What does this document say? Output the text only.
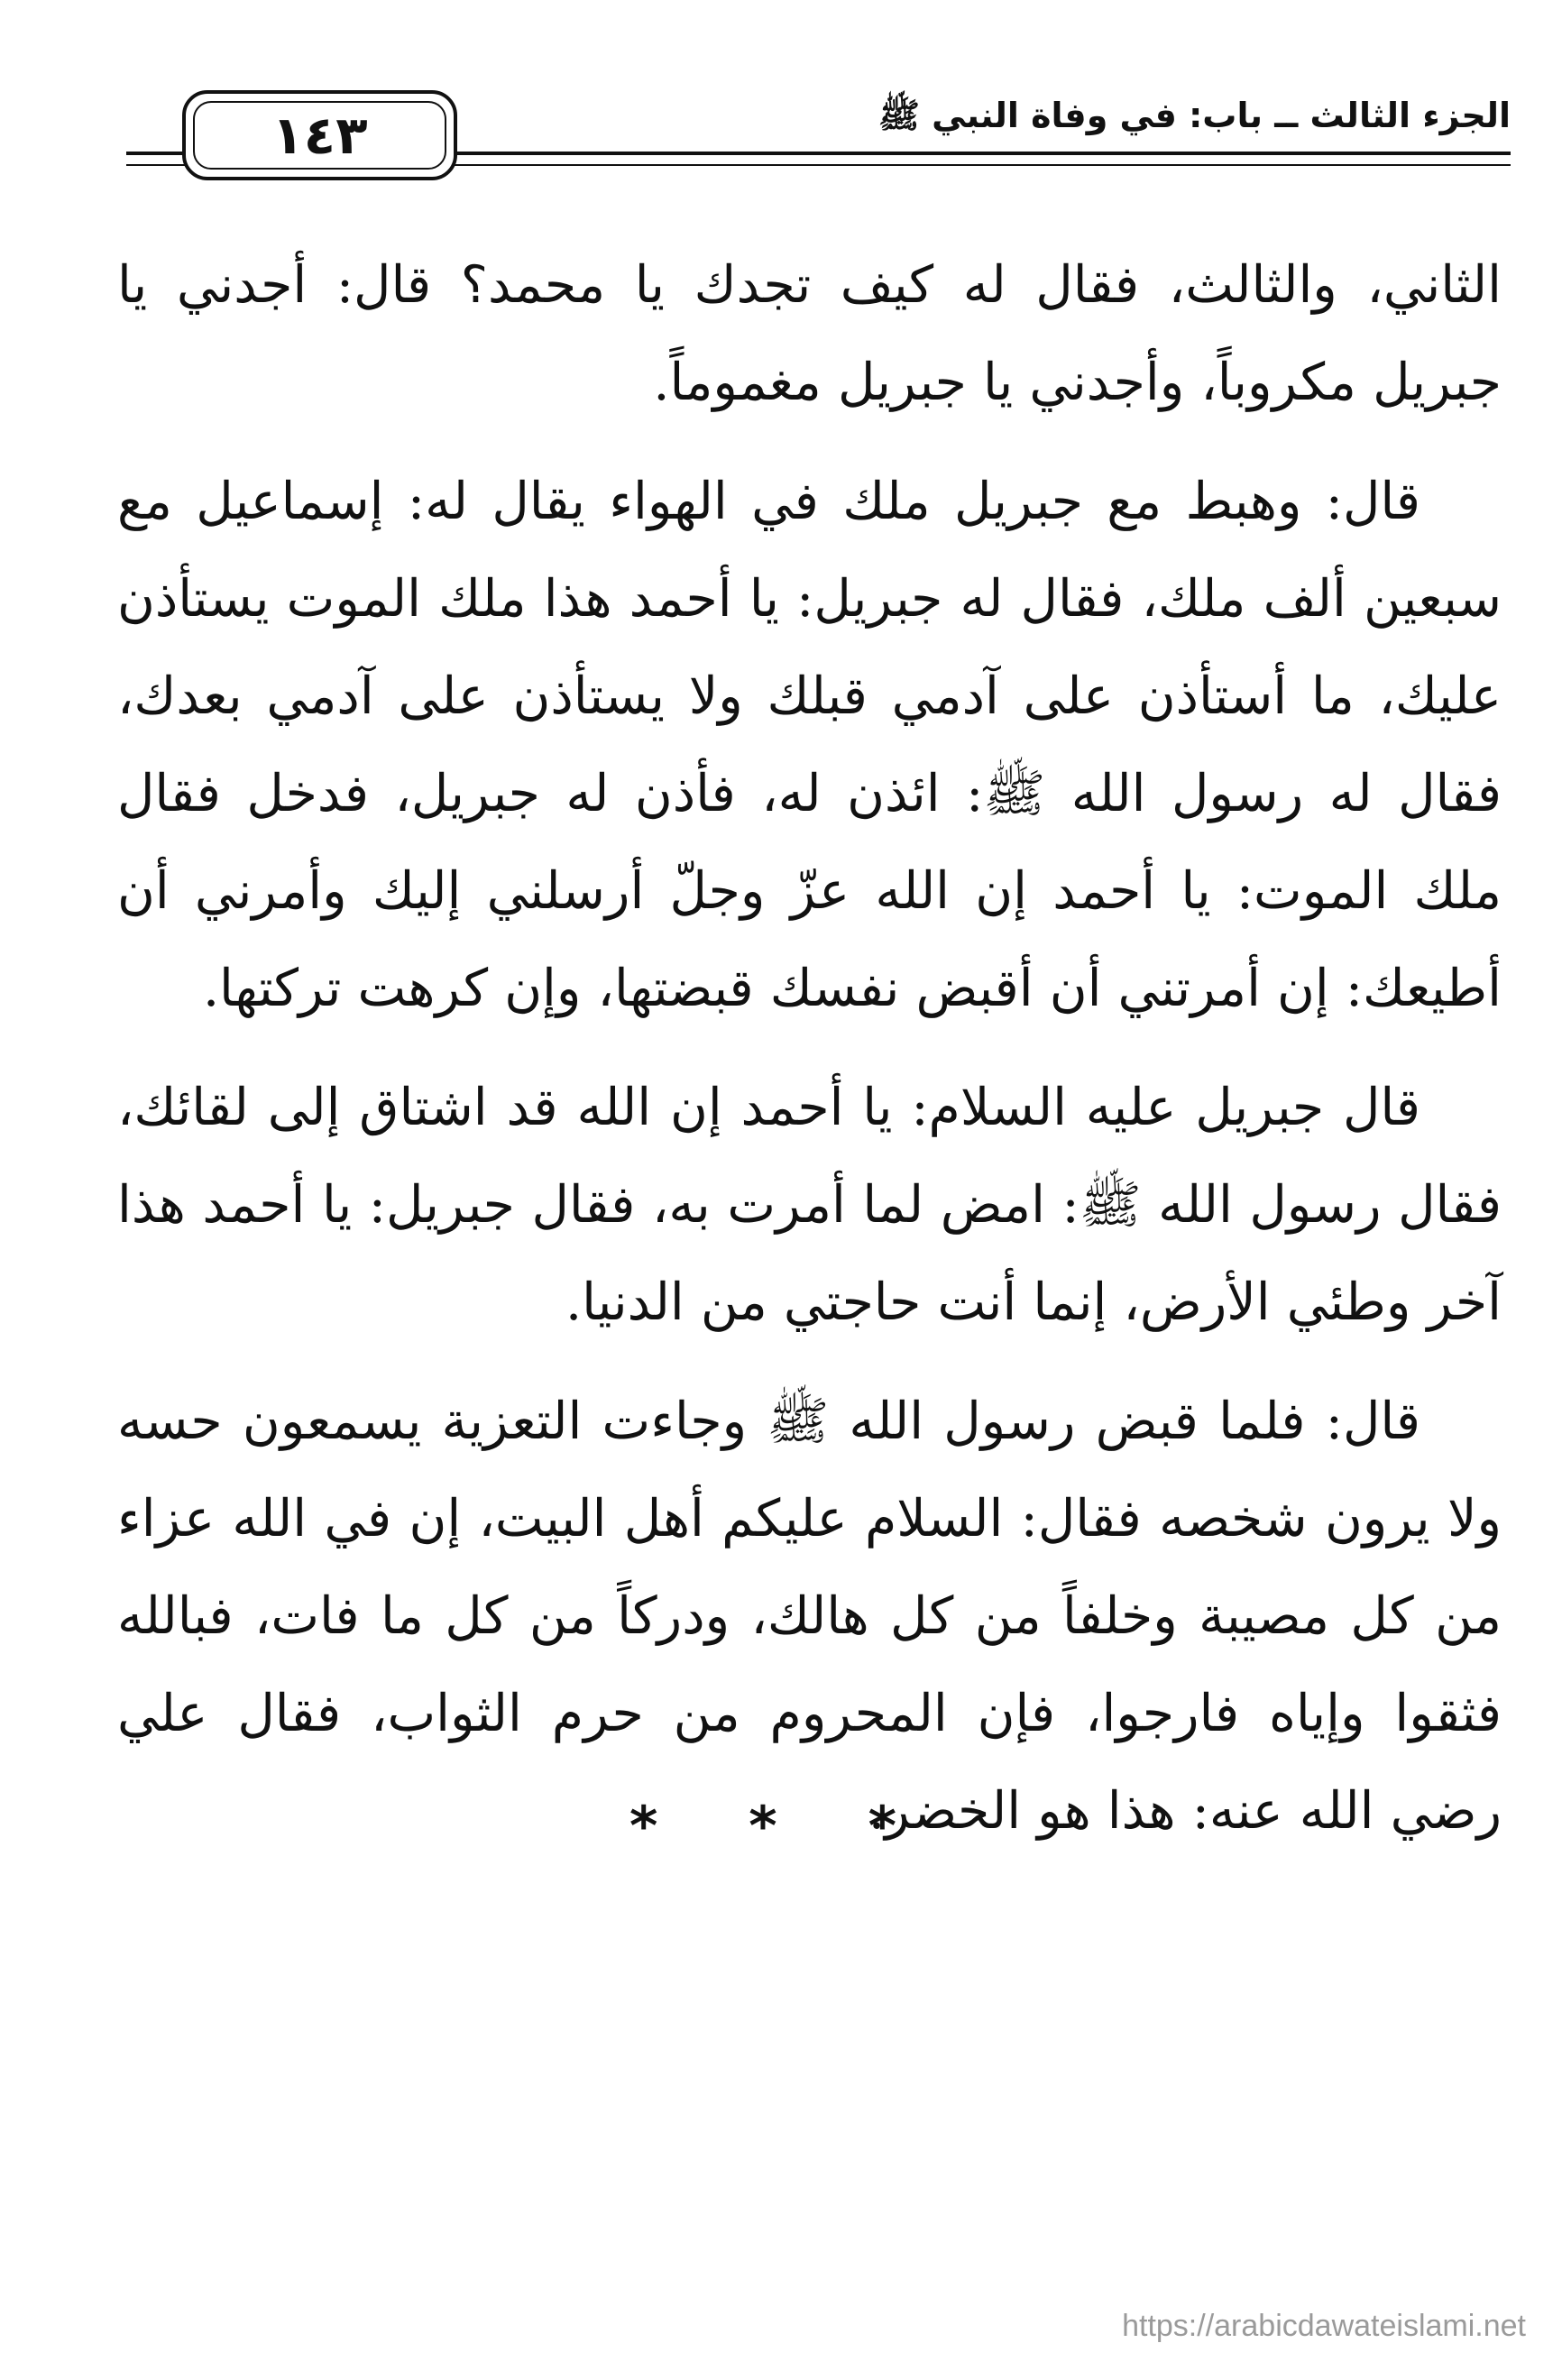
١٤٣	الجزء الثالث ــ باب: في وفاة النبي ﷺ

الثاني، والثالث، فقال له كيف تجدك يا محمد؟ قال: أجدني يا جبريل مكروباً، وأجدني يا جبريل مغموماً.

قال: وهبط مع جبريل ملك في الهواء يقال له: إسماعيل مع سبعين ألف ملك، فقال له جبريل: يا أحمد هذا ملك الموت يستأذن عليك، ما أستأذن على آدمي قبلك ولا يستأذن على آدمي بعدك، فقال له رسول الله ﷺ: ائذن له، فأذن له جبريل، فدخل فقال ملك الموت: يا أحمد إن الله عزّ وجلّ أرسلني إليك وأمرني أن أطيعك: إن أمرتني أن أقبض نفسك قبضتها، وإن كرهت تركتها.

قال جبريل عليه السلام: يا أحمد إن الله قد اشتاق إلى لقائك، فقال رسول الله ﷺ: امض لما أمرت به، فقال جبريل: يا أحمد هذا آخر وطئي الأرض، إنما أنت حاجتي من الدنيا.

قال: فلما قبض رسول الله ﷺ وجاءت التعزية يسمعون حسه ولا يرون شخصه فقال: السلام عليكم أهل البيت، إن في الله عزاء من كل مصيبة وخلفاً من كل هالك، ودركاً من كل ما فات، فبالله فثقوا وإياه فارجوا، فإن المحروم من حرم الثواب، فقال علي رضي الله عنه: هذا هو الخضر.

* * *
https://arabicdawateislami.net
